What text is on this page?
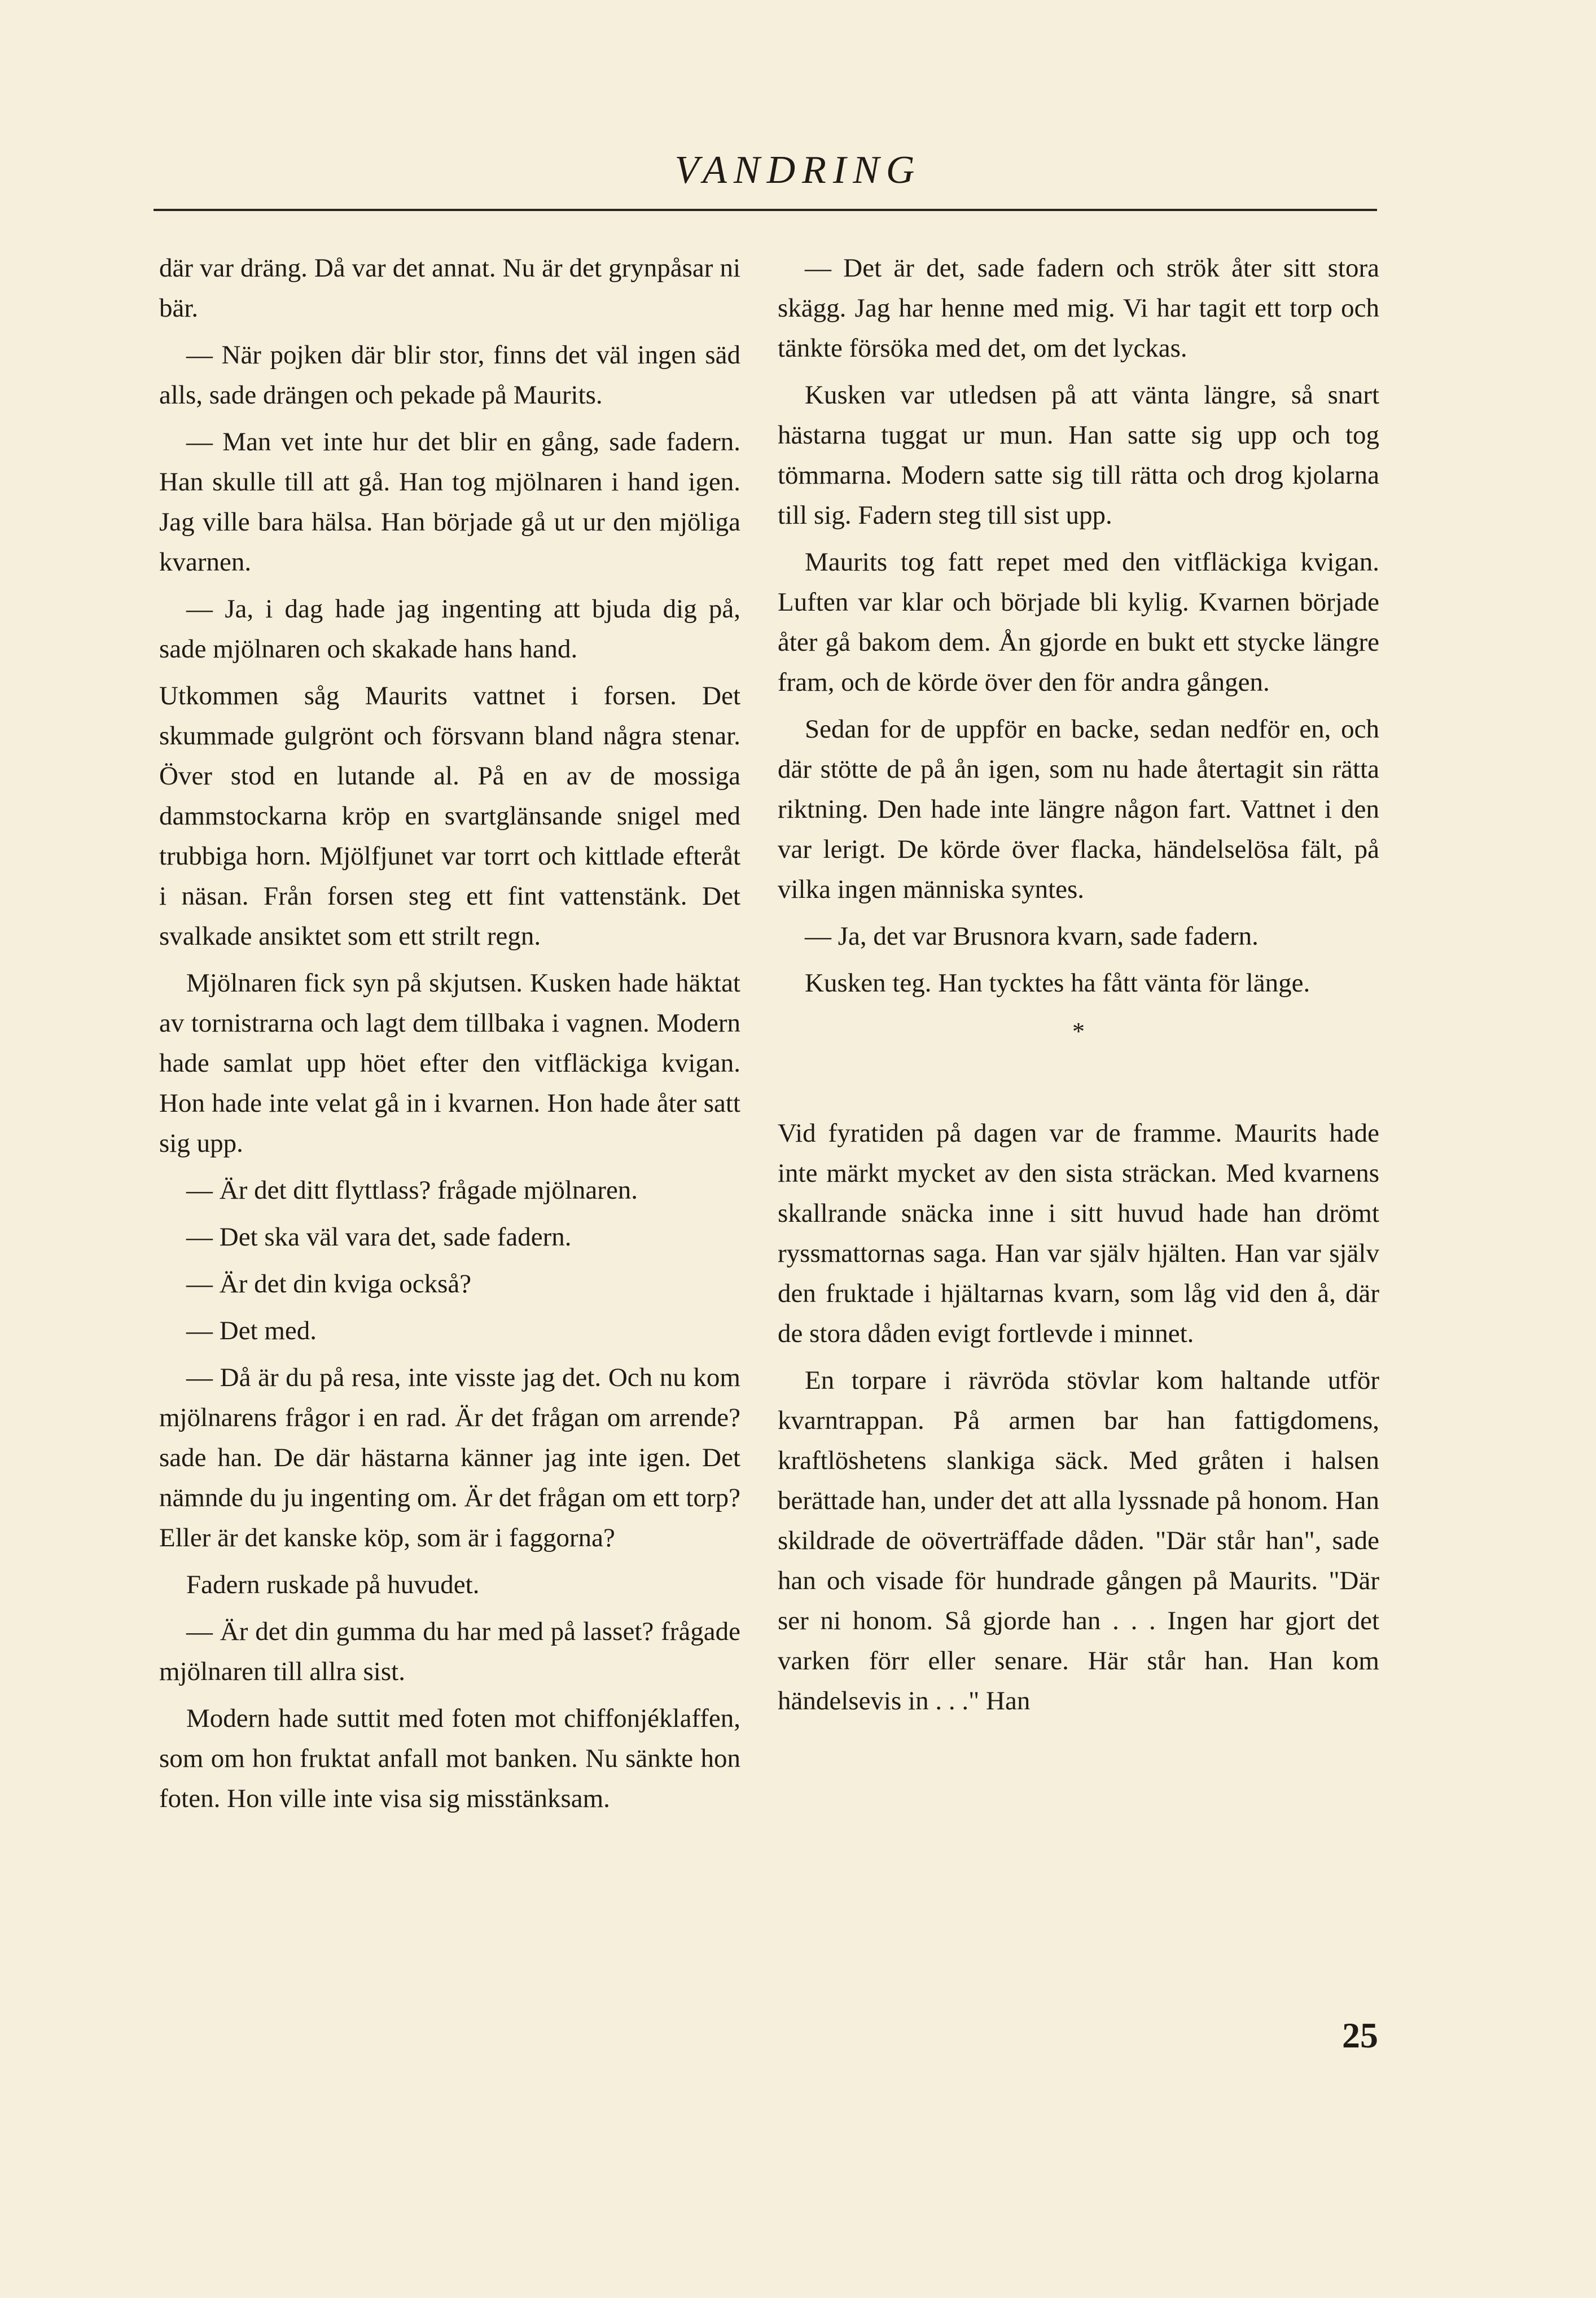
VANDRING

där var dräng. Då var det annat. Nu är det grynpåsar ni bär.

— När pojken där blir stor, finns det väl ingen säd alls, sade drängen och pekade på Maurits.

— Man vet inte hur det blir en gång, sade fadern. Han skulle till att gå. Han tog mjölnaren i hand igen. Jag ville bara hälsa. Han började gå ut ur den mjöliga kvarnen.

— Ja, i dag hade jag ingenting att bjuda dig på, sade mjölnaren och skakade hans hand.

Utkommen såg Maurits vattnet i forsen. Det skummade gulgrönt och försvann bland några stenar. Över stod en lutande al. På en av de mossiga dammstockarna kröp en svartglänsande snigel med trubbiga horn. Mjölfjunet var torrt och kittlade efteråt i näsan. Från forsen steg ett fint vattenstänk. Det svalkade ansiktet som ett strilt regn.

Mjölnaren fick syn på skjutsen. Kusken hade häktat av tornistrarna och lagt dem tillbaka i vagnen. Modern hade samlat upp höet efter den vitfläckiga kvigan. Hon hade inte velat gå in i kvarnen. Hon hade åter satt sig upp.

— Är det ditt flyttlass? frågade mjölnaren.

— Det ska väl vara det, sade fadern.

— Är det din kviga också?

— Det med.

— Då är du på resa, inte visste jag det. Och nu kom mjölnarens frågor i en rad. Är det frågan om arrende? sade han. De där hästarna känner jag inte igen. Det nämnde du ju ingenting om. Är det frågan om ett torp? Eller är det kanske köp, som är i faggorna?

Fadern ruskade på huvudet.

— Är det din gumma du har med på lasset? frågade mjölnaren till allra sist.

Modern hade suttit med foten mot chiffonjéklaffen, som om hon fruktat anfall mot banken. Nu sänkte hon foten. Hon ville inte visa sig misstänksam.

— Det är det, sade fadern och strök åter sitt stora skägg. Jag har henne med mig. Vi har tagit ett torp och tänkte försöka med det, om det lyckas.

Kusken var utledsen på att vänta längre, så snart hästarna tuggat ur mun. Han satte sig upp och tog tömmarna. Modern satte sig till rätta och drog kjolarna till sig. Fadern steg till sist upp.

Maurits tog fatt repet med den vitfläckiga kvigan. Luften var klar och började bli kylig. Kvarnen började åter gå bakom dem. Ån gjorde en bukt ett stycke längre fram, och de körde över den för andra gången.

Sedan for de uppför en backe, sedan nedför en, och där stötte de på ån igen, som nu hade återtagit sin rätta riktning. Den hade inte längre någon fart. Vattnet i den var lerigt. De körde över flacka, händelselösa fält, på vilka ingen människa syntes.

— Ja, det var Brusnora kvarn, sade fadern.

Kusken teg. Han tycktes ha fått vänta för länge.

*

Vid fyratiden på dagen var de framme. Maurits hade inte märkt mycket av den sista sträckan. Med kvarnens skallrande snäcka inne i sitt huvud hade han drömt ryssmattornas saga. Han var själv hjälten. Han var själv den fruktade i hjältarnas kvarn, som låg vid den å, där de stora dåden evigt fortlevde i minnet.

En torpare i rävröda stövlar kom haltande utför kvarntrappan. På armen bar han fattigdomens, kraftlöshetens slankiga säck. Med gråten i halsen berättade han, under det att alla lyssnade på honom. Han skildrade de oöverträffade dåden. "Där står han", sade han och visade för hundrade gången på Maurits. "Där ser ni honom. Så gjorde han . . . Ingen har gjort det varken förr eller senare. Här står han. Han kom händelsevis in . . ." Han

25
